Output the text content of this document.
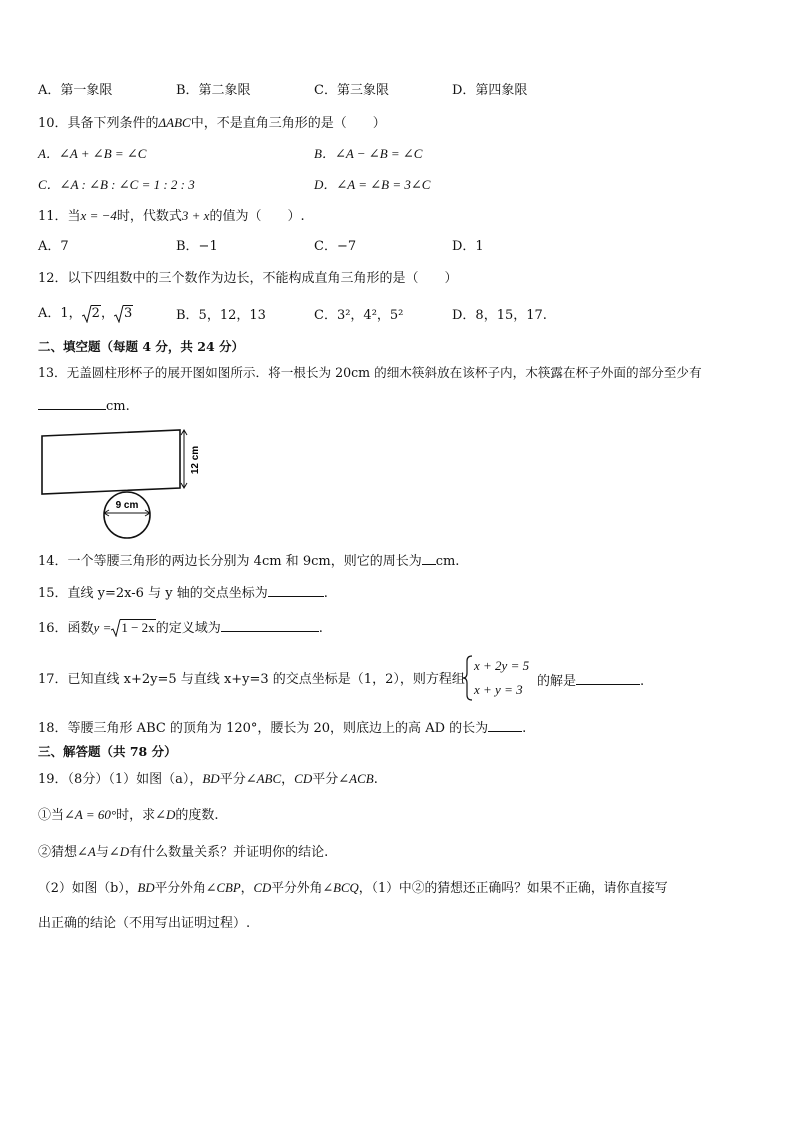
A．第一象限	B．第二象限	C．第三象限	D．第四象限
10．具备下列条件的ΔABC中，不是直角三角形的是（　　）
A．∠A + ∠B = ∠C	B．∠A − ∠B = ∠C
C．∠A : ∠B : ∠C = 1 : 2 : 3	D．∠A = ∠B = 3∠C
11．当x = −4时，代数式3 + x的值为（　　）.
A．7	B．−1	C．−7	D．1
12．以下四组数中的三个数作为边长，不能构成直角三角形的是（　　）
A．1， 2， 3	B．5，12，13	C．3²，4²，5²	D．8，15，17.
二、填空题（每题 4 分，共 24 分）
13．无盖圆柱形杯子的展开图如图所示．将一根长为 20cm 的细木筷斜放在该杯子内，木筷露在杯子外面的部分至少有
cm.
12 cm
9 cm
14．一个等腰三角形的两边长分别为 4cm 和 9cm，则它的周长为 cm.
15．直线 y=2x-6 与 y 轴的交点坐标为	.
16．函数y = 1 − 2x的定义域为	.
17．已知直线 x+2y=5 与直线 x+y=3 的交点坐标是（1，2），则方程组
x + 2y = 5
x + y = 3
的解是	.
18．等腰三角形 ABC 的顶角为 120°，腰长为 20，则底边上的高 AD 的长为	.
三、解答题（共 78 分）
19．（8分）（1）如图（a），BD平分∠ABC，CD平分∠ACB.
①当∠A = 60°时，求∠D的度数.
②猜想∠A与∠D有什么数量关系？并证明你的结论.
（2）如图（b），BD平分外角∠CBP，CD平分外角∠BCQ，（1）中②的猜想还正确吗？如果不正确，请你直接写
出正确的结论（不用写出证明过程）.
